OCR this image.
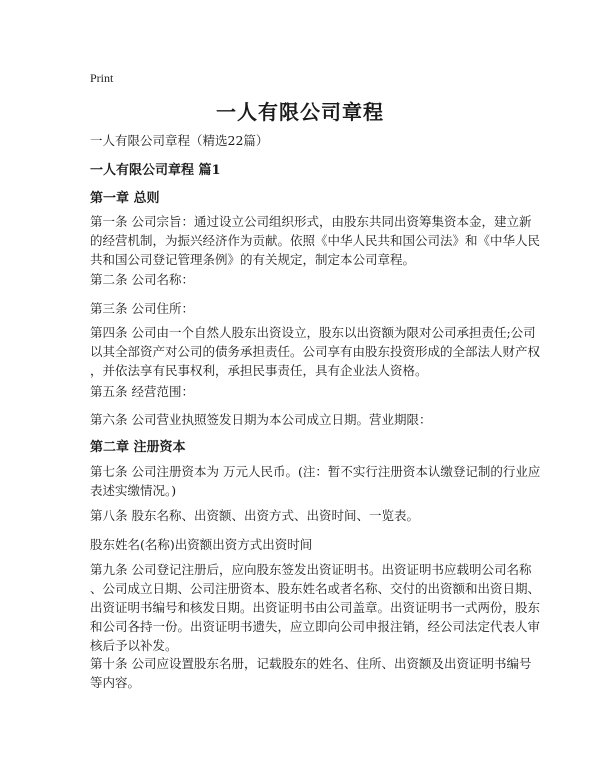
Print
一人有限公司章程

一人有限公司章程（精选22篇）

一人有限公司章程 篇1

第一章 总则

第一条 公司宗旨：通过设立公司组织形式，由股东共同出资筹集资本金，建立新
的经营机制，为振兴经济作为贡献。依照《中华人民共和国公司法》和《中华人民
共和国公司登记管理条例》的有关规定，制定本公司章程。

第二条 公司名称：

第三条 公司住所：

第四条 公司由一个自然人股东出资设立，股东以出资额为限对公司承担责任;公司
以其全部资产对公司的债务承担责任。公司享有由股东投资形成的全部法人财产权
，并依法享有民事权利，承担民事责任，具有企业法人资格。

第五条 经营范围：

第六条 公司营业执照签发日期为本公司成立日期。营业期限：

第二章 注册资本

第七条 公司注册资本为 万元人民币。(注：暂不实行注册资本认缴登记制的行业应
表述实缴情况。)

第八条 股东名称、出资额、出资方式、出资时间、一览表。

股东姓名(名称)出资额出资方式出资时间

第九条 公司登记注册后，应向股东签发出资证明书。出资证明书应载明公司名称
、公司成立日期、公司注册资本、股东姓名或者名称、交付的出资额和出资日期、
出资证明书编号和核发日期。出资证明书由公司盖章。出资证明书一式两份，股东
和公司各持一份。出资证明书遗失，应立即向公司申报注销，经公司法定代表人审
核后予以补发。
第十条 公司应设置股东名册，记载股东的姓名、住所、出资额及出资证明书编号
等内容。
